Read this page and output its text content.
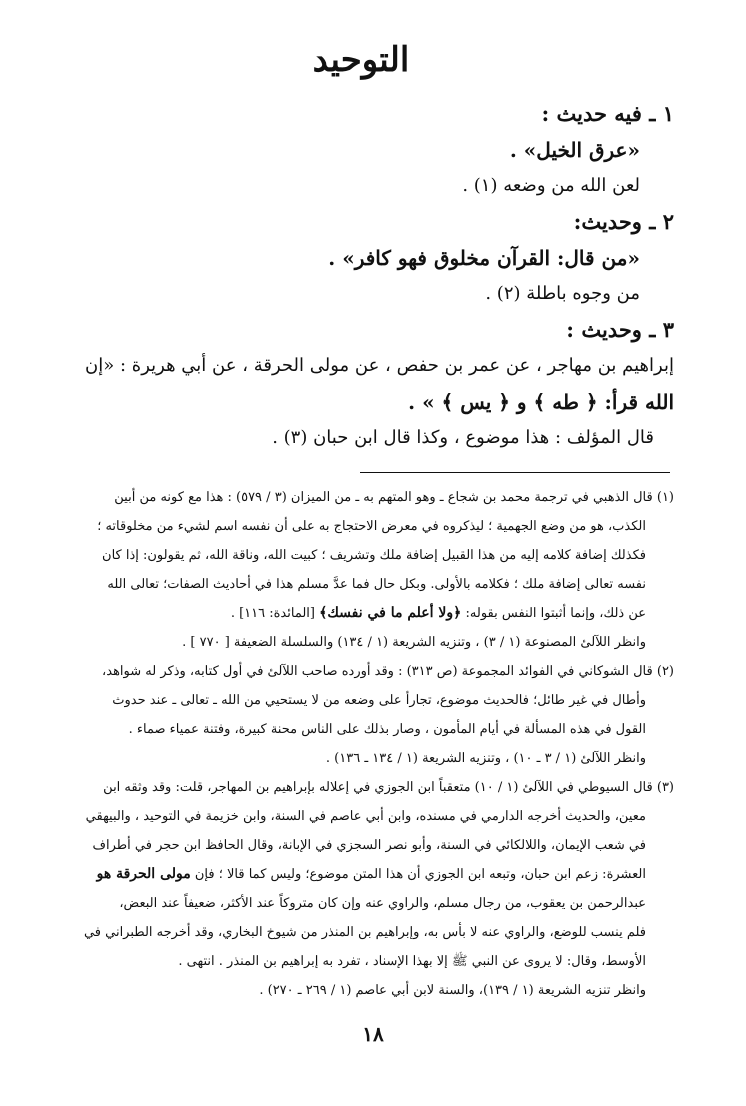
التوحيد

١ ـ فيه حديث :

«عرق الخيل» .

لعن الله من وضعه (١) .

٢ ـ وحديث:

«من قال: القرآن مخلوق فهو كافر» .

من وجوه باطلة (٢) .

٣ ـ وحديث :

إبراهيم بن مهاجر ، عن عمر بن حفص ، عن مولى الحرقة ، عن أبي هريرة : «إن

الله قرأ: ﴿ طه ﴾ و ﴿ يس ﴾ » .

قال المؤلف : هذا موضوع ، وكذا قال ابن حبان (٣) .

(١) قال الذهبي في ترجمة محمد بن شجاع ـ وهو المتهم به ـ من الميزان (٣ / ٥٧٩) : هذا مع كونه من أبين

الكذب، هو من وضع الجهمية ؛ ليذكروه في معرض الاحتجاج به على أن نفسه اسم لشيء من مخلوقاته ؛

فكذلك إضافة كلامه إليه من هذا القبيل إضافة ملك وتشريف ؛ كبيت الله، وناقة الله، ثم يقولون: إذا كان

نفسه تعالى إضافة ملك ؛ فكلامه بالأولى. وبكل حال فما عدَّ مسلم هذا في أحاديث الصفات؛ تعالى الله

عن ذلك، وإنما أثبتوا النفس بقوله: ﴿ولا أعلم ما في نفسك﴾ [المائدة: ١١٦] .

وانظر اللآلئ المصنوعة (١ / ٣) ، وتنزيه الشريعة (١ / ١٣٤) والسلسلة الضعيفة [ ٧٧٠ ] .

(٢) قال الشوكاني في الفوائد المجموعة (ص ٣١٣) : وقد أورده صاحب اللآلئ في أول كتابه، وذكر له شواهد،

وأطال في غير طائل؛ فالحديث موضوع، تجارأ على وضعه من لا يستحيي من الله ـ تعالى ـ عند حدوث

القول في هذه المسألة في أيام المأمون ، وصار بذلك على الناس محنة كبيرة، وفتنة عمياء صماء .

وانظر اللآلئ (١ / ٣ ـ ١٠) ، وتنزيه الشريعة (١ / ١٣٤ ـ ١٣٦) .

(٣) قال السيوطي في اللآلئ (١ / ١٠) متعقباً ابن الجوزي في إعلاله بإبراهيم بن المهاجر، قلت: وقد وثقه ابن

معين، والحديث أخرجه الدارمي في مسنده، وابن أبي عاصم في السنة، وابن خزيمة في التوحيد ، والبيهقي

في شعب الإيمان، واللالكائي في السنة، وأبو نصر السجزي في الإبانة، وقال الحافظ ابن حجر في أطراف

العشرة: زعم ابن حبان، وتبعه ابن الجوزي أن هذا المتن موضوع؛ وليس كما قالا ؛ فإن مولى الحرقة هو

عبدالرحمن بن يعقوب، من رجال مسلم، والراوي عنه وإن كان متروكاً عند الأكثر، ضعيفاً عند البعض،

فلم ينسب للوضع، والراوي عنه لا بأس به، وإبراهيم بن المنذر من شيوخ البخاري، وقد أخرجه الطبراني في

الأوسط، وقال: لا يروى عن النبي ﷺ إلا بهذا الإسناد ، تفرد به إبراهيم بن المنذر . انتهى .

وانظر تنزيه الشريعة (١ / ١٣٩)، والسنة لابن أبي عاصم (١ / ٢٦٩ ـ ٢٧٠) .

١٨
